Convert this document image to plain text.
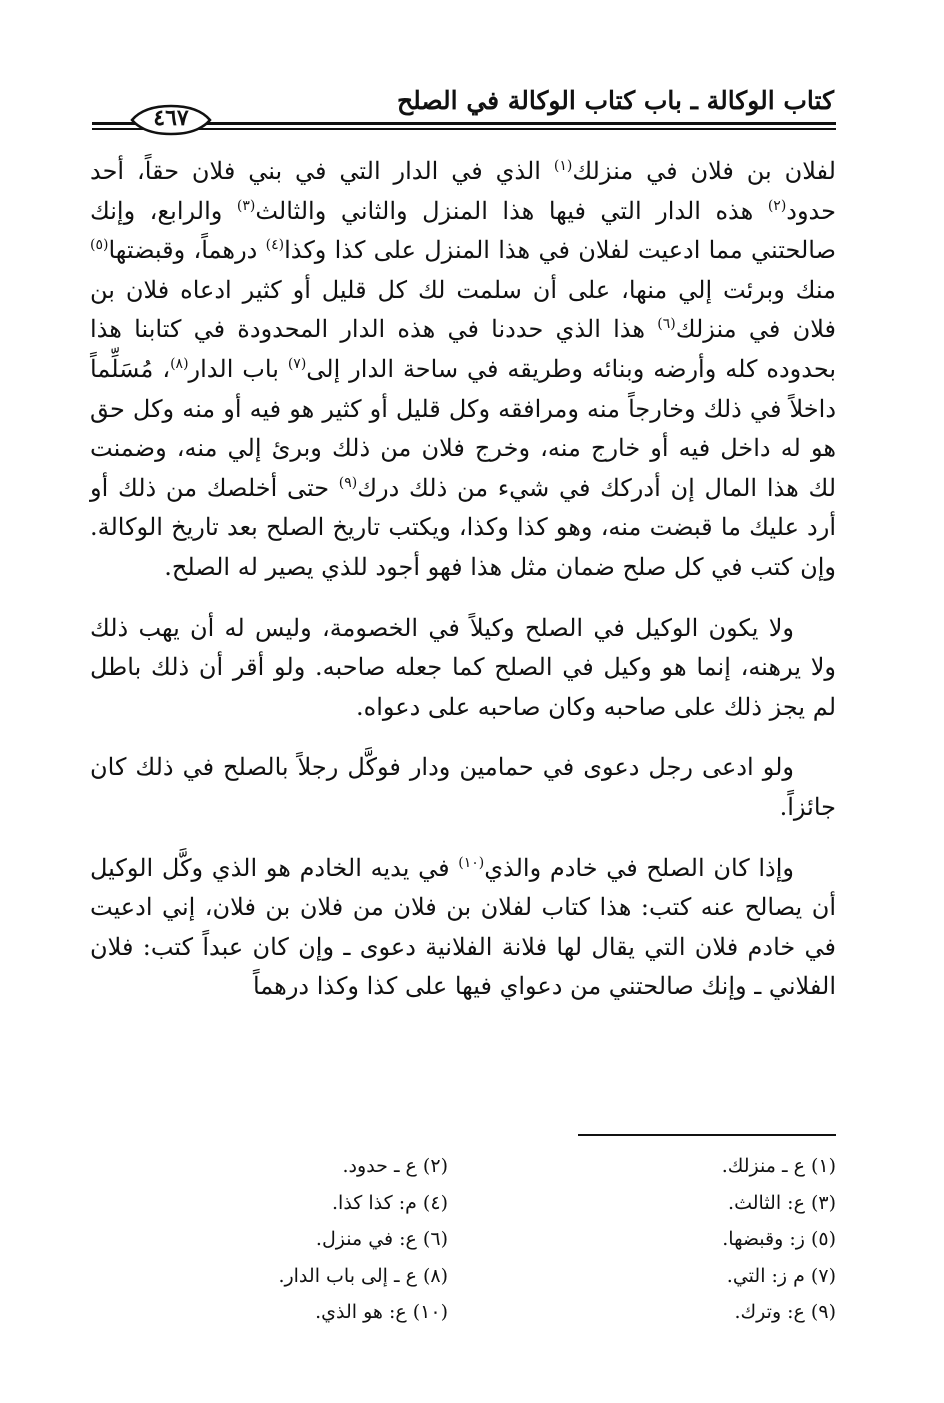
كتاب الوكالة ـ باب كتاب الوكالة في الصلح
٤٦٧

لفلان بن فلان في منزلك$^{(١)}$ الذي في الدار التي في بني فلان حقاً، أحد حدود$^{(٢)}$ هذه الدار التي فيها هذا المنزل والثاني والثالث$^{(٣)}$ والرابع، وإنك صالحتني مما ادعيت لفلان في هذا المنزل على كذا وكذا$^{(٤)}$ درهماً، وقبضتها$^{(٥)}$ منك وبرئت إلي منها، على أن سلمت لك كل قليل أو كثير ادعاه فلان بن فلان في منزلك$^{(٦)}$ هذا الذي حددنا في هذه الدار المحدودة في كتابنا هذا بحدوده كله وأرضه وبنائه وطريقه في ساحة الدار إلى$^{(٧)}$ باب الدار$^{(٨)}$، مُسَلِّماً داخلاً في ذلك وخارجاً منه ومرافقه وكل قليل أو كثير هو فيه أو منه وكل حق هو له داخل فيه أو خارج منه، وخرج فلان من ذلك وبرئ إلي منه، وضمنت لك هذا المال إن أدركك في شيء من ذلك درك$^{(٩)}$ حتى أخلصك من ذلك أو أرد عليك ما قبضت منه، وهو كذا وكذا، ويكتب تاريخ الصلح بعد تاريخ الوكالة. وإن كتب في كل صلح ضمان مثل هذا فهو أجود للذي يصير له الصلح.

ولا يكون الوكيل في الصلح وكيلاً في الخصومة، وليس له أن يهب ذلك ولا يرهنه، إنما هو وكيل في الصلح كما جعله صاحبه. ولو أقر أن ذلك باطل لم يجز ذلك على صاحبه وكان صاحبه على دعواه.

ولو ادعى رجل دعوى في حمامين ودار فوكَّل رجلاً بالصلح في ذلك كان جائزاً.

وإذا كان الصلح في خادم والذي$^{(١٠)}$ في يديه الخادم هو الذي وكَّل الوكيل أن يصالح عنه كتب: هذا كتاب لفلان بن فلان من فلان بن فلان، إني ادعيت في خادم فلان التي يقال لها فلانة الفلانية دعوى ـ وإن كان عبداً كتب: فلان الفلاني ـ وإنك صالحتني من دعواي فيها على كذا وكذا درهماً

(١) ع ـ منزلك.
(٣) ع: الثالث.
(٥) ز: وقبضها.
(٧) م ز: التي.
(٩) ع: وترك.
(٢) ع ـ حدود.
(٤) م: كذا كذا.
(٦) ع: في منزل.
(٨) ع ـ إلى باب الدار.
(١٠) ع: هو الذي.
